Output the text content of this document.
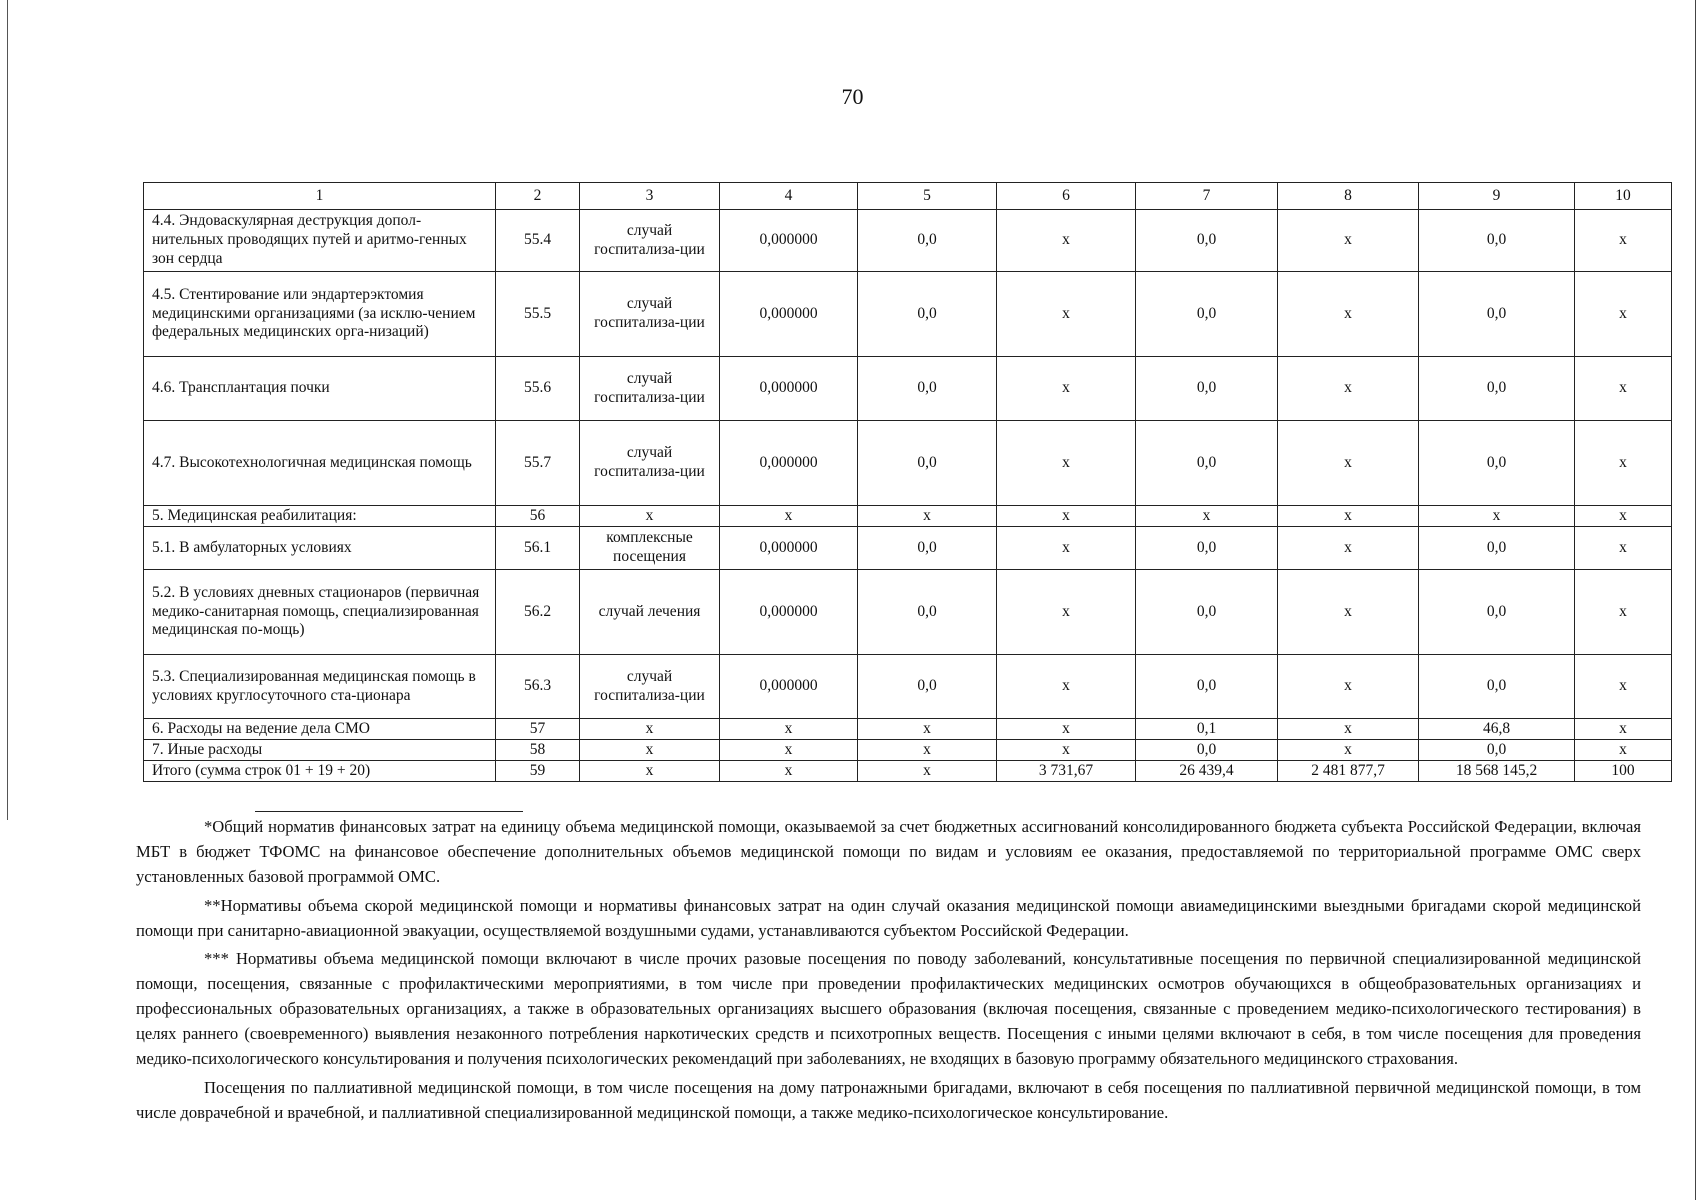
70
1	2	3	4	5	6	7	8	9	10
4.4. Эндоваскулярная деструкция допол-нительных проводящих путей и аритмо-генных зон сердца	55.4	случай госпитализа-ции	0,000000	0,0	х	0,0	х	0,0	х
4.5. Стентирование или эндартерэктомия медицинскими организациями (за исклю-чением федеральных медицинских орга-низаций)	55.5	случай госпитализа-ции	0,000000	0,0	х	0,0	х	0,0	х
4.6. Трансплантация почки	55.6	случай госпитализа-ции	0,000000	0,0	х	0,0	х	0,0	х
4.7. Высокотехнологичная медицинская помощь	55.7	случай госпитализа-ции	0,000000	0,0	х	0,0	х	0,0	х
5. Медицинская реабилитация:	56	х	х	х	х	х	х	х	х
5.1. В амбулаторных условиях	56.1	комплексные посещения	0,000000	0,0	х	0,0	х	0,0	х
5.2. В условиях дневных стационаров (первичная медико-санитарная помощь, специализированная медицинская по-мощь)	56.2	случай лечения	0,000000	0,0	х	0,0	х	0,0	х
5.3. Специализированная медицинская помощь в условиях круглосуточного ста-ционара	56.3	случай госпитализа-ции	0,000000	0,0	х	0,0	х	0,0	х
6. Расходы на ведение дела СМО	57	х	х	х	х	0,1	х	46,8	х
7. Иные расходы	58	х	х	х	х	0,0	х	0,0	х
Итого (сумма строк 01 + 19 + 20)	59	х	х	х	3 731,67	26 439,4	2 481 877,7	18 568 145,2	100

*Общий норматив финансовых затрат на единицу объема медицинской помощи, оказываемой за счет бюджетных ассигнований консолидированного бюджета субъекта Российской Федерации, включая МБТ в бюджет ТФОМС на финансовое обеспечение дополнительных объемов медицинской помощи по видам и условиям ее оказания, предоставляемой по территориальной программе ОМС сверх установленных базовой программой ОМС.

**Нормативы объема скорой медицинской помощи и нормативы финансовых затрат на один случай оказания медицинской помощи авиамедицинскими выездными бригадами скорой медицинской помощи при санитарно-авиационной эвакуации, осуществляемой воздушными судами, устанавливаются субъектом Российской Федерации.

*** Нормативы объема медицинской помощи включают в числе прочих разовые посещения по поводу заболеваний, консультативные посещения по первичной специализированной медицинской помощи, посещения, связанные с профилактическими мероприятиями, в том числе при проведении профилактических медицинских осмотров обучающихся в общеобразовательных организациях и профессиональных образовательных организациях, а также в образовательных организациях высшего образования (включая посещения, связанные с проведением медико-психологического тестирования) в целях раннего (своевременного) выявления незаконного потребления наркотических средств и психотропных веществ. Посещения с иными целями включают в себя, в том числе посещения для проведения медико-психологического консультирования и получения психологических рекомендаций при заболеваниях, не входящих в базовую программу обязательного медицинского страхования.

Посещения по паллиативной медицинской помощи, в том числе посещения на дому патронажными бригадами, включают в себя посещения по паллиативной первичной медицинской помощи, в том числе доврачебной и врачебной, и паллиативной специализированной медицинской помощи, а также медико-психологическое консультирование.
